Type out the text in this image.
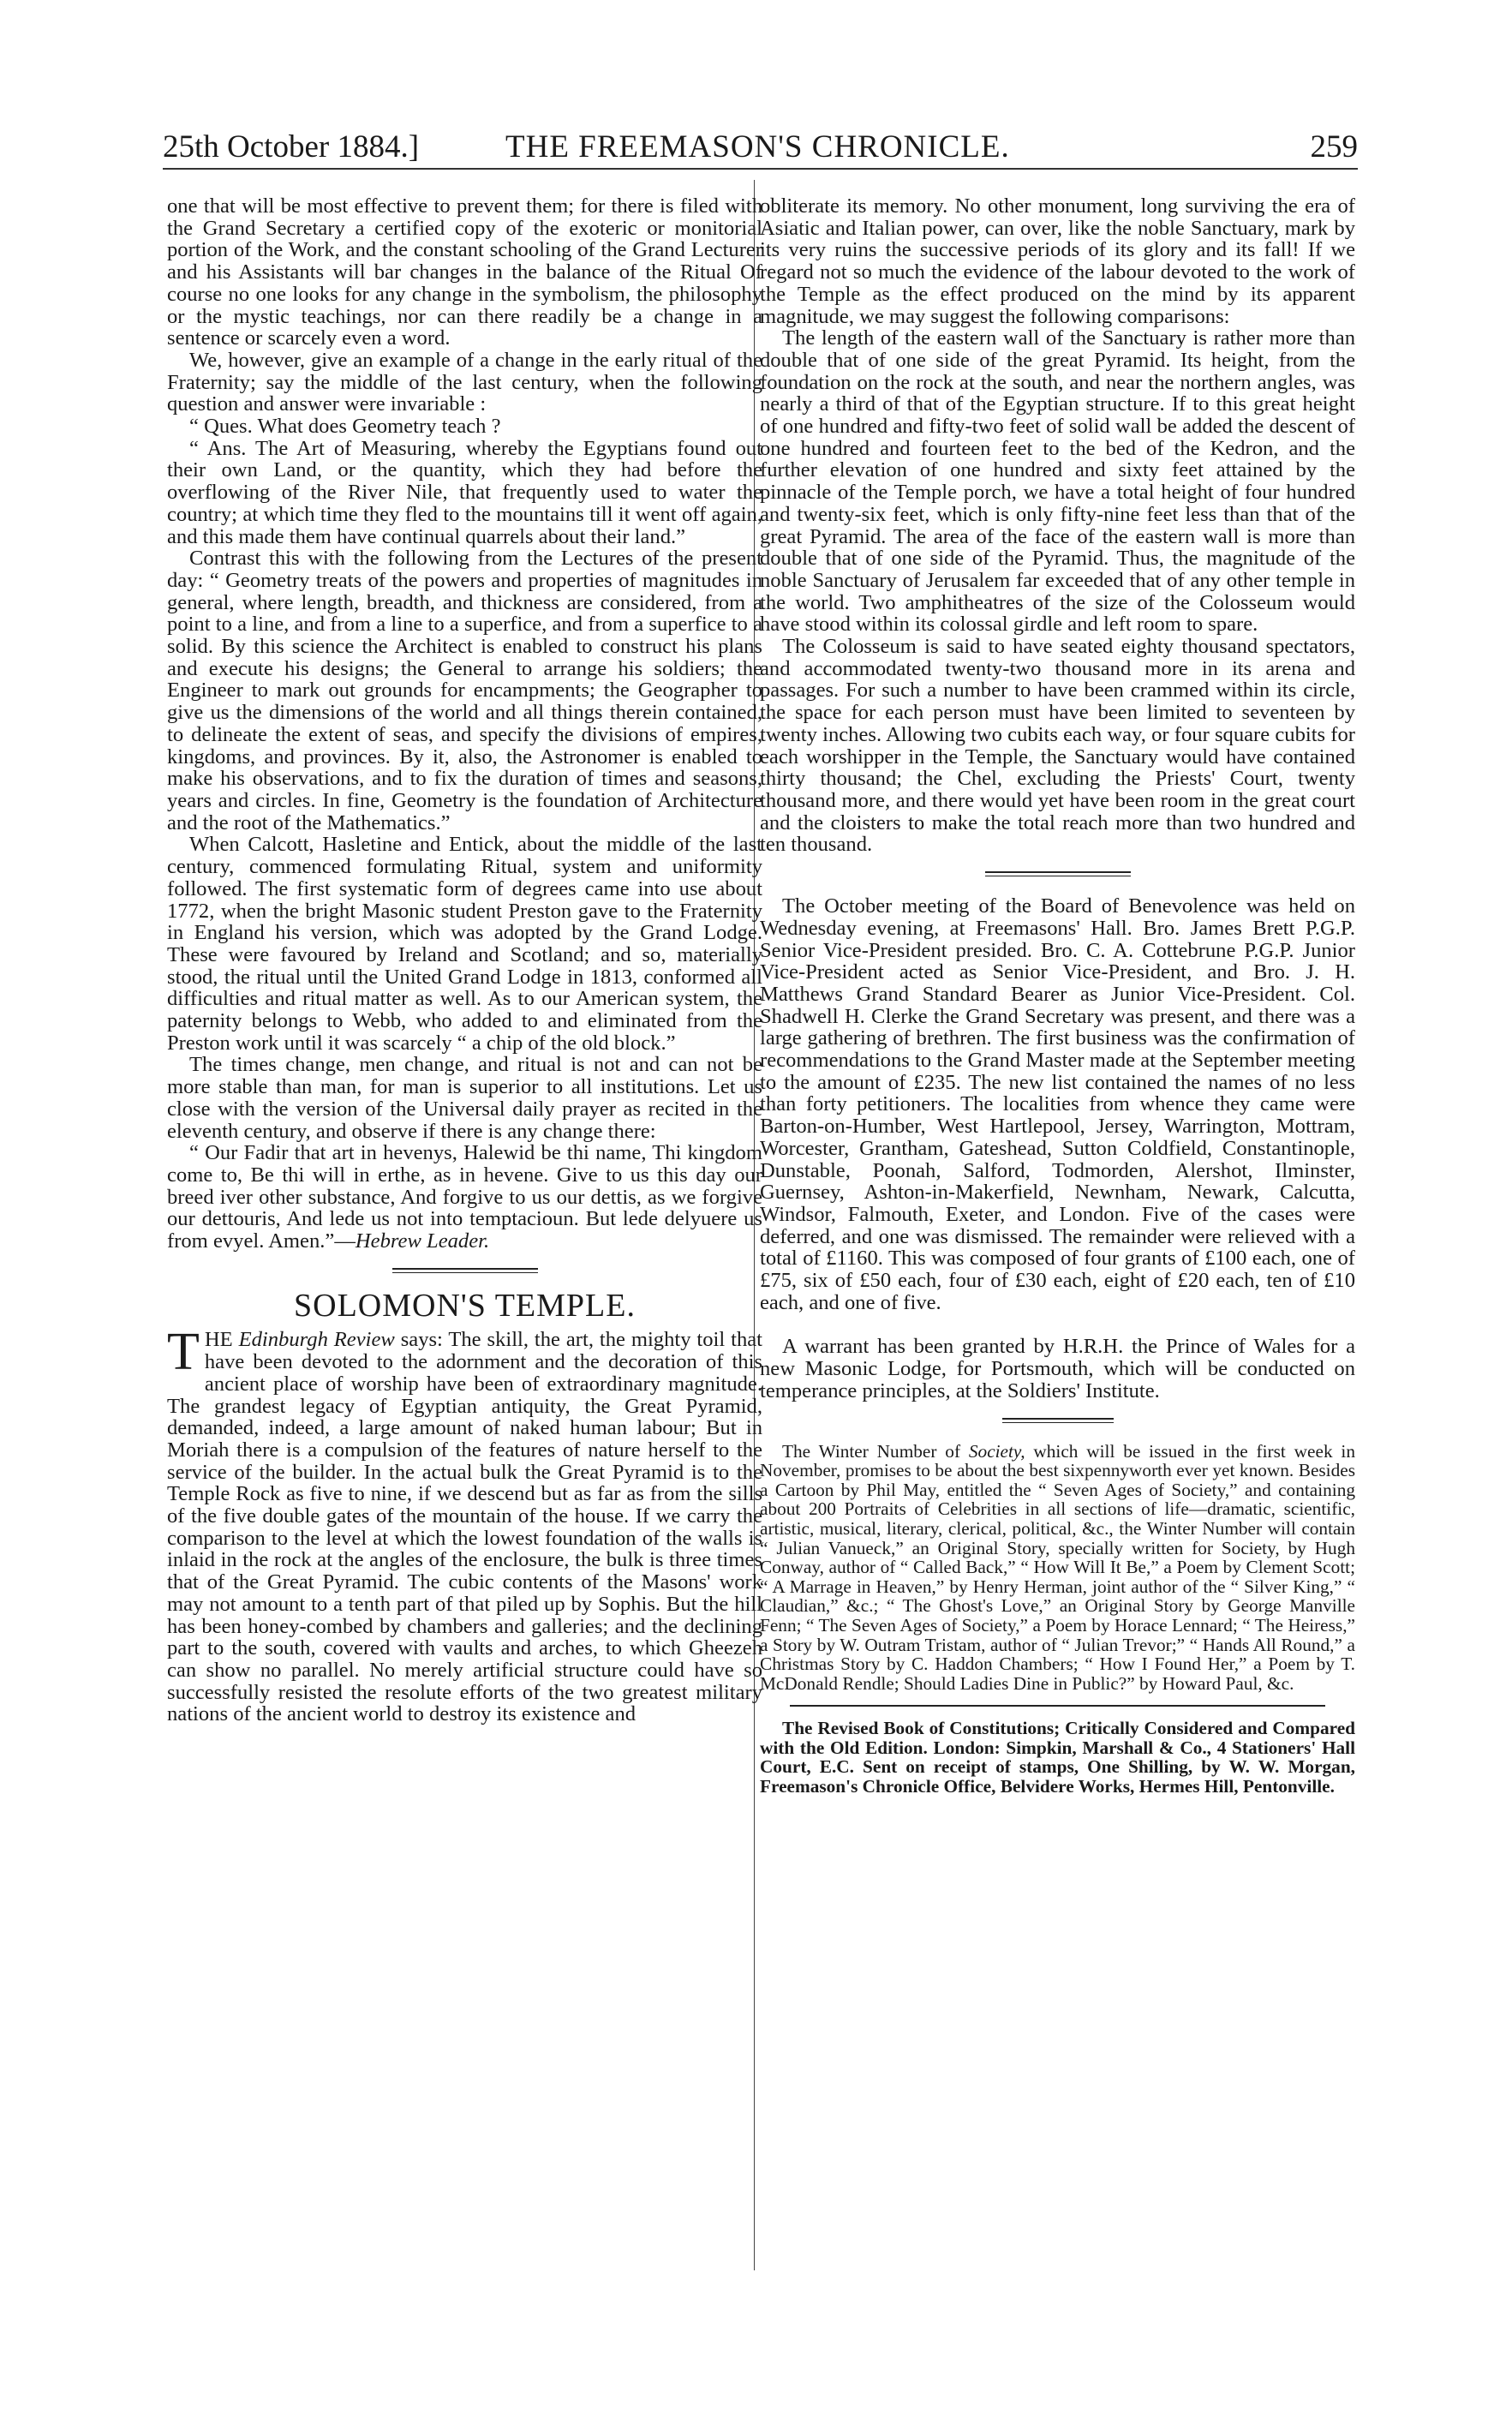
25th October 1884.]	THE FREEMASON'S CHRONICLE.	259

one that will be most effective to prevent them; for there is filed with the Grand Secretary a certified copy of the exoteric or monitorial portion of the Work, and the constant schooling of the Grand Lecturer and his Assistants will bar changes in the balance of the Ritual Of course no one looks for any change in the symbolism, the philosophy or the mystic teachings, nor can there readily be a change in a sentence or scarcely even a word.

We, however, give an example of a change in the early ritual of the Fraternity; say the middle of the last century, when the following question and answer were invariable :

“ Ques. What does Geometry teach ?

“ Ans. The Art of Measuring, whereby the Egyptians found out their own Land, or the quantity, which they had before the overflowing of the River Nile, that frequently used to water the country; at which time they fled to the mountains till it went off again, and this made them have continual quarrels about their land.”

Contrast this with the following from the Lectures of the present day: “ Geometry treats of the powers and properties of magnitudes in general, where length, breadth, and thickness are considered, from a point to a line, and from a line to a superfice, and from a superfice to a solid. By this science the Architect is enabled to construct his plans and execute his designs; the General to arrange his soldiers; the Engineer to mark out grounds for encampments; the Geographer to give us the dimensions of the world and all things therein contained, to delineate the extent of seas, and specify the divisions of empires, kingdoms, and provinces. By it, also, the Astronomer is enabled to make his observations, and to fix the duration of times and seasons, years and circles. In fine, Geometry is the foundation of Architecture and the root of the Mathematics.”

When Calcott, Hasletine and Entick, about the middle of the last century, commenced formulating Ritual, system and uniformity followed. The first systematic form of degrees came into use about 1772, when the bright Masonic student Preston gave to the Fraternity in England his version, which was adopted by the Grand Lodge. These were favoured by Ireland and Scotland; and so, materially stood, the ritual until the United Grand Lodge in 1813, conformed all difficulties and ritual matter as well. As to our American system, the paternity belongs to Webb, who added to and eliminated from the Preston work until it was scarcely “ a chip of the old block.”

The times change, men change, and ritual is not and can not be more stable than man, for man is superior to all institutions. Let us close with the version of the Universal daily prayer as recited in the eleventh century, and observe if there is any change there:

“ Our Fadir that art in hevenys, Halewid be thi name, Thi kingdom come to, Be thi will in erthe, as in hevene. Give to us this day our breed iver other substance, And forgive to us our dettis, as we forgive our dettouris, And lede us not into temptacioun. But lede delyuere us from evyel. Amen.”—Hebrew Leader.

SOLOMON'S TEMPLE.

THE Edinburgh Review says: The skill, the art, the mighty toil that have been devoted to the adornment and the decoration of this ancient place of worship have been of extraordinary magnitude. The grandest legacy of Egyptian antiquity, the Great Pyramid, demanded, indeed, a large amount of naked human labour; But in Moriah there is a compulsion of the features of nature herself to the service of the builder. In the actual bulk the Great Pyramid is to the Temple Rock as five to nine, if we descend but as far as from the sills of the five double gates of the mountain of the house. If we carry the comparison to the level at which the lowest foundation of the walls is inlaid in the rock at the angles of the enclosure, the bulk is three times that of the Great Pyramid. The cubic contents of the Masons' work may not amount to a tenth part of that piled up by Sophis. But the hill has been honey-combed by chambers and galleries; and the declining part to the south, covered with vaults and arches, to which Gheezeh can show no parallel. No merely artificial structure could have so successfully resisted the resolute efforts of the two greatest military nations of the ancient world to destroy its existence and

obliterate its memory. No other monument, long surviving the era of Asiatic and Italian power, can over, like the noble Sanctuary, mark by its very ruins the successive periods of its glory and its fall! If we regard not so much the evidence of the labour devoted to the work of the Temple as the effect produced on the mind by its apparent magnitude, we may suggest the following comparisons:

The length of the eastern wall of the Sanctuary is rather more than double that of one side of the great Pyramid. Its height, from the foundation on the rock at the south, and near the northern angles, was nearly a third of that of the Egyptian structure. If to this great height of one hundred and fifty-two feet of solid wall be added the descent of one hundred and fourteen feet to the bed of the Kedron, and the further elevation of one hundred and sixty feet attained by the pinnacle of the Temple porch, we have a total height of four hundred and twenty-six feet, which is only fifty-nine feet less than that of the great Pyramid. The area of the face of the eastern wall is more than double that of one side of the Pyramid. Thus, the magnitude of the noble Sanctuary of Jerusalem far exceeded that of any other temple in the world. Two amphitheatres of the size of the Colosseum would have stood within its colossal girdle and left room to spare.

The Colosseum is said to have seated eighty thousand spectators, and accommodated twenty-two thousand more in its arena and passages. For such a number to have been crammed within its circle, the space for each person must have been limited to seventeen by twenty inches. Allowing two cubits each way, or four square cubits for each worshipper in the Temple, the Sanctuary would have contained thirty thousand; the Chel, excluding the Priests' Court, twenty thousand more, and there would yet have been room in the great court and the cloisters to make the total reach more than two hundred and ten thousand.

The October meeting of the Board of Benevolence was held on Wednesday evening, at Freemasons' Hall. Bro. James Brett P.G.P. Senior Vice-President presided. Bro. C. A. Cottebrune P.G.P. Junior Vice-President acted as Senior Vice-President, and Bro. J. H. Matthews Grand Standard Bearer as Junior Vice-President. Col. Shadwell H. Clerke the Grand Secretary was present, and there was a large gathering of brethren. The first business was the confirmation of recommendations to the Grand Master made at the September meeting to the amount of £235. The new list contained the names of no less than forty petitioners. The localities from whence they came were Barton-on-Humber, West Hartlepool, Jersey, Warrington, Mottram, Worcester, Grantham, Gateshead, Sutton Coldfield, Constantinople, Dunstable, Poonah, Salford, Todmorden, Alershot, Ilminster, Guernsey, Ashton-in-Makerfield, Newnham, Newark, Calcutta, Windsor, Falmouth, Exeter, and London. Five of the cases were deferred, and one was dismissed. The remainder were relieved with a total of £1160. This was composed of four grants of £100 each, one of £75, six of £50 each, four of £30 each, eight of £20 each, ten of £10 each, and one of five.

A warrant has been granted by H.R.H. the Prince of Wales for a new Masonic Lodge, for Portsmouth, which will be conducted on temperance principles, at the Soldiers' Institute.

The Winter Number of Society, which will be issued in the first week in November, promises to be about the best sixpennyworth ever yet known. Besides a Cartoon by Phil May, entitled the “ Seven Ages of Society,” and containing about 200 Portraits of Celebrities in all sections of life—dramatic, scientific, artistic, musical, literary, clerical, political, &c., the Winter Number will contain “ Julian Vanueck,” an Original Story, specially written for Society, by Hugh Conway, author of “ Called Back,” “ How Will It Be,” a Poem by Clement Scott; “ A Marrage in Heaven,” by Henry Herman, joint author of the “ Silver King,” “ Claudian,” &c.; “ The Ghost's Love,” an Original Story by George Manville Fenn; “ The Seven Ages of Society,” a Poem by Horace Lennard; “ The Heiress,” a Story by W. Outram Tristam, author of “ Julian Trevor;” “ Hands All Round,” a Christmas Story by C. Haddon Chambers; “ How I Found Her,” a Poem by T. McDonald Rendle; Should Ladies Dine in Public?” by Howard Paul, &c.

The Revised Book of Constitutions; Critically Considered and Compared with the Old Edition. London: Simpkin, Marshall & Co., 4 Stationers' Hall Court, E.C. Sent on receipt of stamps, One Shilling, by W. W. Morgan, Freemason's Chronicle Office, Belvidere Works, Hermes Hill, Pentonville.
